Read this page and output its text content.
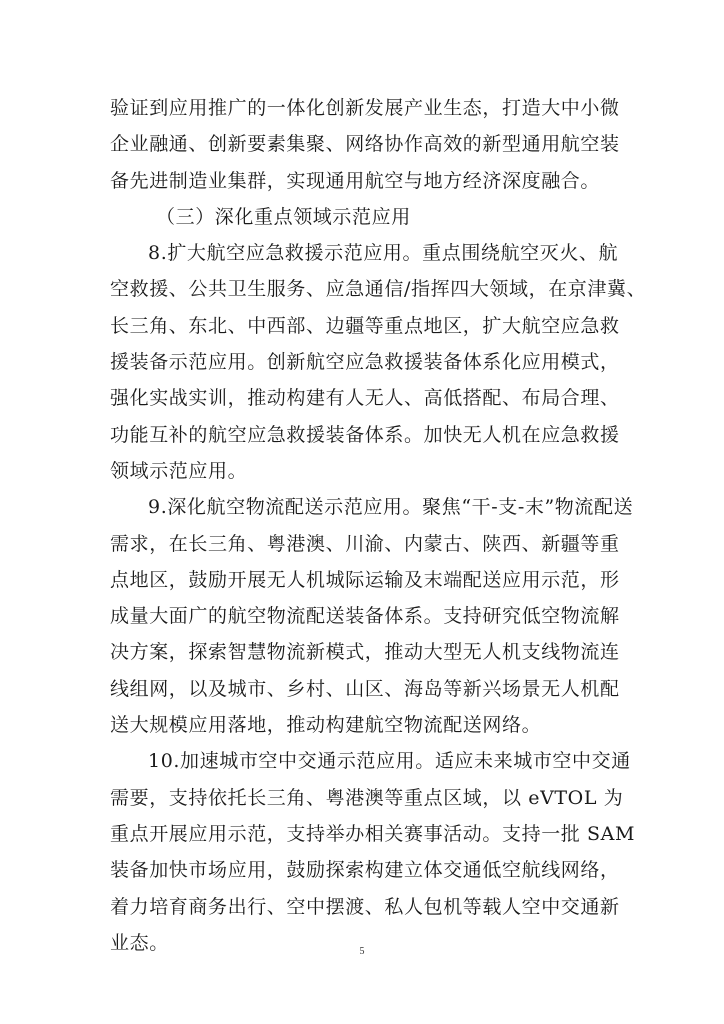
验证到应用推广的一体化创新发展产业生态，打造大中小微
企业融通、创新要素集聚、网络协作高效的新型通用航空装
备先进制造业集群，实现通用航空与地方经济深度融合。
（三）深化重点领域示范应用
8.扩大航空应急救援示范应用。重点围绕航空灭火、航
空救援、公共卫生服务、应急通信/指挥四大领域，在京津冀、
长三角、东北、中西部、边疆等重点地区，扩大航空应急救
援装备示范应用。创新航空应急救援装备体系化应用模式，
强化实战实训，推动构建有人无人、高低搭配、布局合理、
功能互补的航空应急救援装备体系。加快无人机在应急救援
领域示范应用。
9.深化航空物流配送示范应用。聚焦“干-支-末”物流配送
需求，在长三角、粤港澳、川渝、内蒙古、陕西、新疆等重
点地区，鼓励开展无人机城际运输及末端配送应用示范，形
成量大面广的航空物流配送装备体系。支持研究低空物流解
决方案，探索智慧物流新模式，推动大型无人机支线物流连
线组网，以及城市、乡村、山区、海岛等新兴场景无人机配
送大规模应用落地，推动构建航空物流配送网络。
10.加速城市空中交通示范应用。适应未来城市空中交通
需要，支持依托长三角、粤港澳等重点区域，以 eVTOL 为
重点开展应用示范，支持举办相关赛事活动。支持一批 SAM
装备加快市场应用，鼓励探索构建立体交通低空航线网络，
着力培育商务出行、空中摆渡、私人包机等载人空中交通新
业态。	5
